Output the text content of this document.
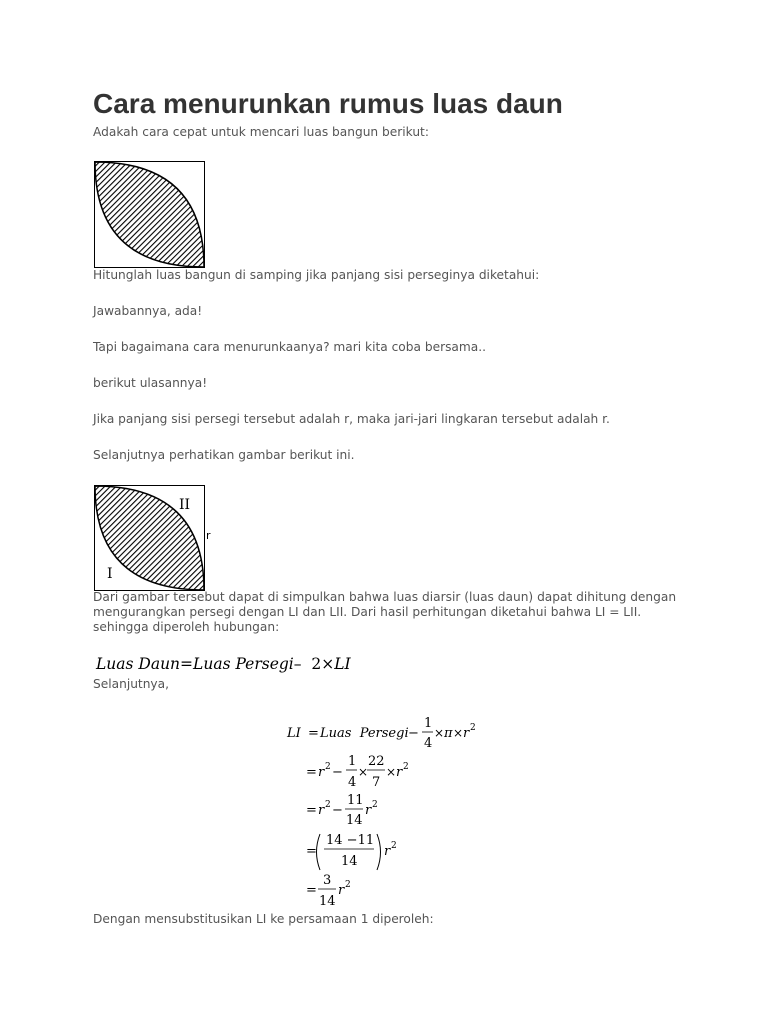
Cara menurunkan rumus luas daun

Adakah cara cepat untuk mencari luas bangun berikut:

Hitunglah luas bangun di samping jika panjang sisi perseginya diketahui:

Jawabannya, ada!

Tapi bagaimana cara menurunkaanya? mari kita coba bersama..

berikut ulasannya!

Jika panjang sisi persegi tersebut adalah r, maka jari-jari lingkaran tersebut adalah r.

Selanjutnya perhatikan gambar berikut ini.

II
I
r

Dari gambar tersebut dapat di simpulkan bahwa luas diarsir (luas daun) dapat dihitung dengan mengurangkan persegi dengan LI dan LII. Dari hasil perhitungan diketahui bahwa LI = LII. sehingga diperoleh hubungan:

Luas Daun=Luas Persegi– 2×LI

Selanjutnya,

LI = Luas  Persegi −
1
4
× π × r 2
= r 2 −
1
4
×
22
7
× r 2
= r 2 −
11
14
r 2
=
14 −11
14
r 2
=
3
14
r 2

Dengan mensubstitusikan LI ke persamaan 1 diperoleh:
